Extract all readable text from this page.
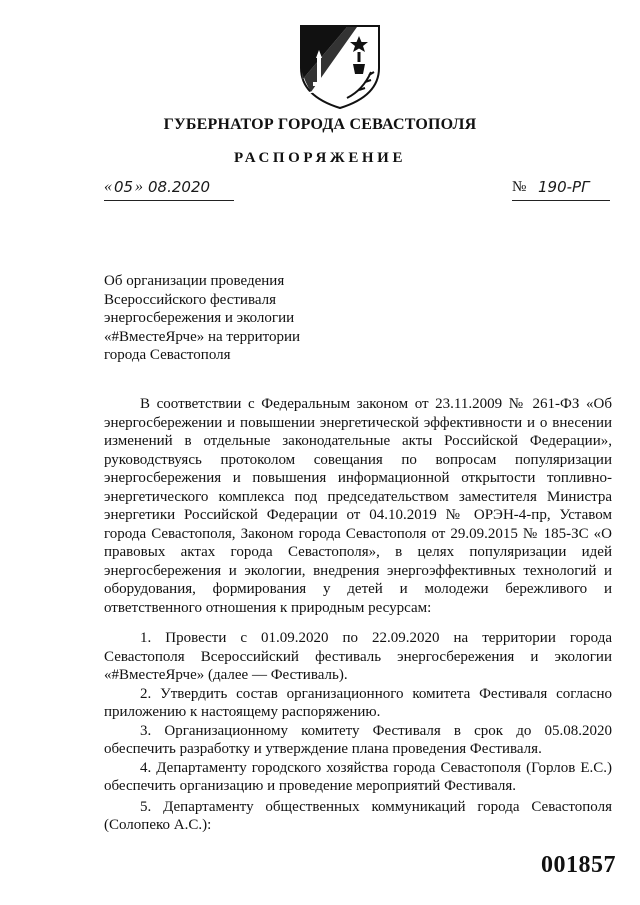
ГУБЕРНАТОР ГОРОДА СЕВАСТОПОЛЯ
РАСПОРЯЖЕНИЕ
« 05 » 08.2020	№ 190-РГ
Об организации проведения
Всероссийского фестиваля
энергосбережения и экологии
«#ВместеЯрче» на территории
города Севастополя

В соответствии с Федеральным законом от 23.11.2009 № 261-ФЗ «Об энергосбережении и повышении энергетической эффективности и о внесении изменений в отдельные законодательные акты Российской Федерации», руководствуясь протоколом совещания по вопросам популяризации энергосбережения и повышения информационной открытости топливно-энергетического комплекса под председательством заместителя Министра энергетики Российской Федерации от 04.10.2019 № ОРЭН-4-пр, Уставом города Севастополя, Законом города Севастополя от 29.09.2015 № 185-ЗС «О правовых актах города Севастополя», в целях популяризации идей энергосбережения и экологии, внедрения энергоэффективных технологий и оборудования, формирования у детей и молодежи бережливого и ответственного отношения к природным ресурсам:

1. Провести с 01.09.2020 по 22.09.2020 на территории города Севастополя Всероссийский фестиваль энергосбережения и экологии «#ВместеЯрче» (далее — Фестиваль).

2. Утвердить состав организационного комитета Фестиваля согласно приложению к настоящему распоряжению.

3. Организационному комитету Фестиваля в срок до 05.08.2020 обеспечить разработку и утверждение плана проведения Фестиваля.

4. Департаменту городского хозяйства города Севастополя (Горлов Е.С.) обеспечить организацию и проведение мероприятий Фестиваля.

5. Департаменту общественных коммуникаций города Севастополя (Солопеко А.С.):

001857
